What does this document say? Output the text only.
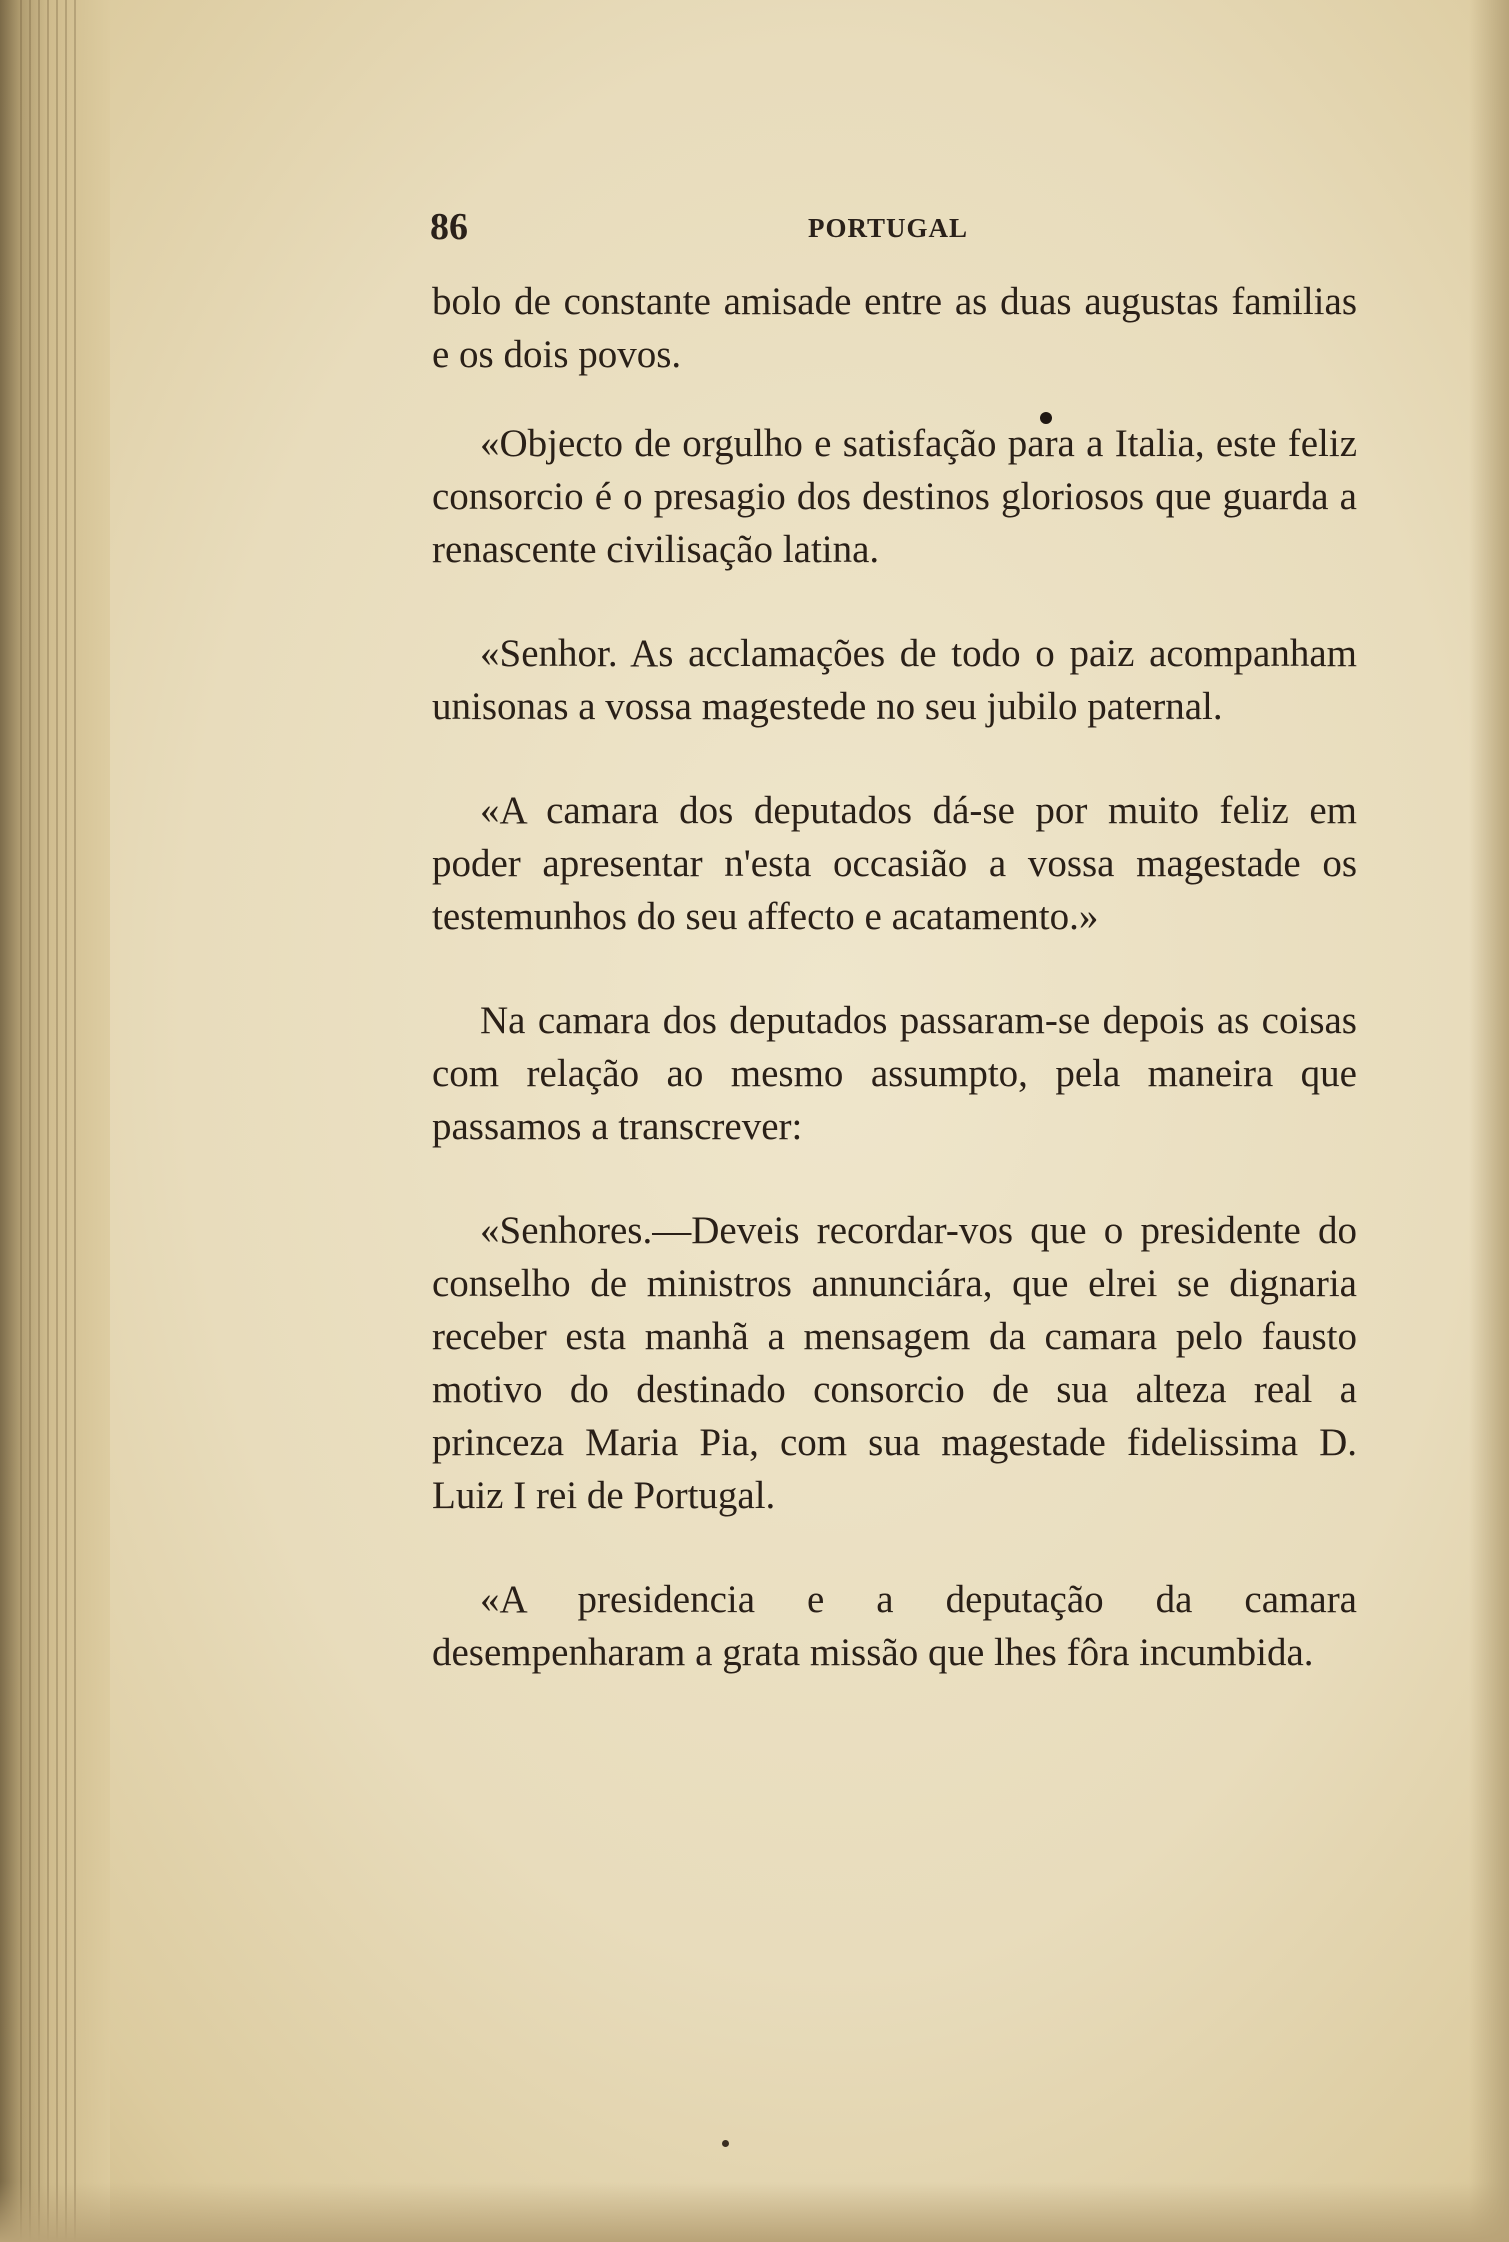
86	PORTUGAL

bolo de constante amisade entre as duas augustas familias e os dois povos.

«Objecto de orgulho e satisfação para a Italia, este feliz consorcio é o presagio dos destinos gloriosos que guarda a renascente civilisação latina.

«Senhor. As acclamações de todo o paiz acompanham unisonas a vossa magestede no seu jubilo paternal.

«A camara dos deputados dá-se por muito feliz em poder apresentar n'esta occasião a vossa magestade os testemunhos do seu affecto e acatamento.»

Na camara dos deputados passaram-se depois as coisas com relação ao mesmo assumpto, pela maneira que passamos a transcrever:

«Senhores.—Deveis recordar-vos que o presidente do conselho de ministros annunciára, que elrei se dignaria receber esta manhã a mensagem da camara pelo fausto motivo do destinado consorcio de sua alteza real a princeza Maria Pia, com sua magestade fidelissima D. Luiz I rei de Portugal.

«A presidencia e a deputação da camara desempenharam a grata missão que lhes fôra incumbida.
